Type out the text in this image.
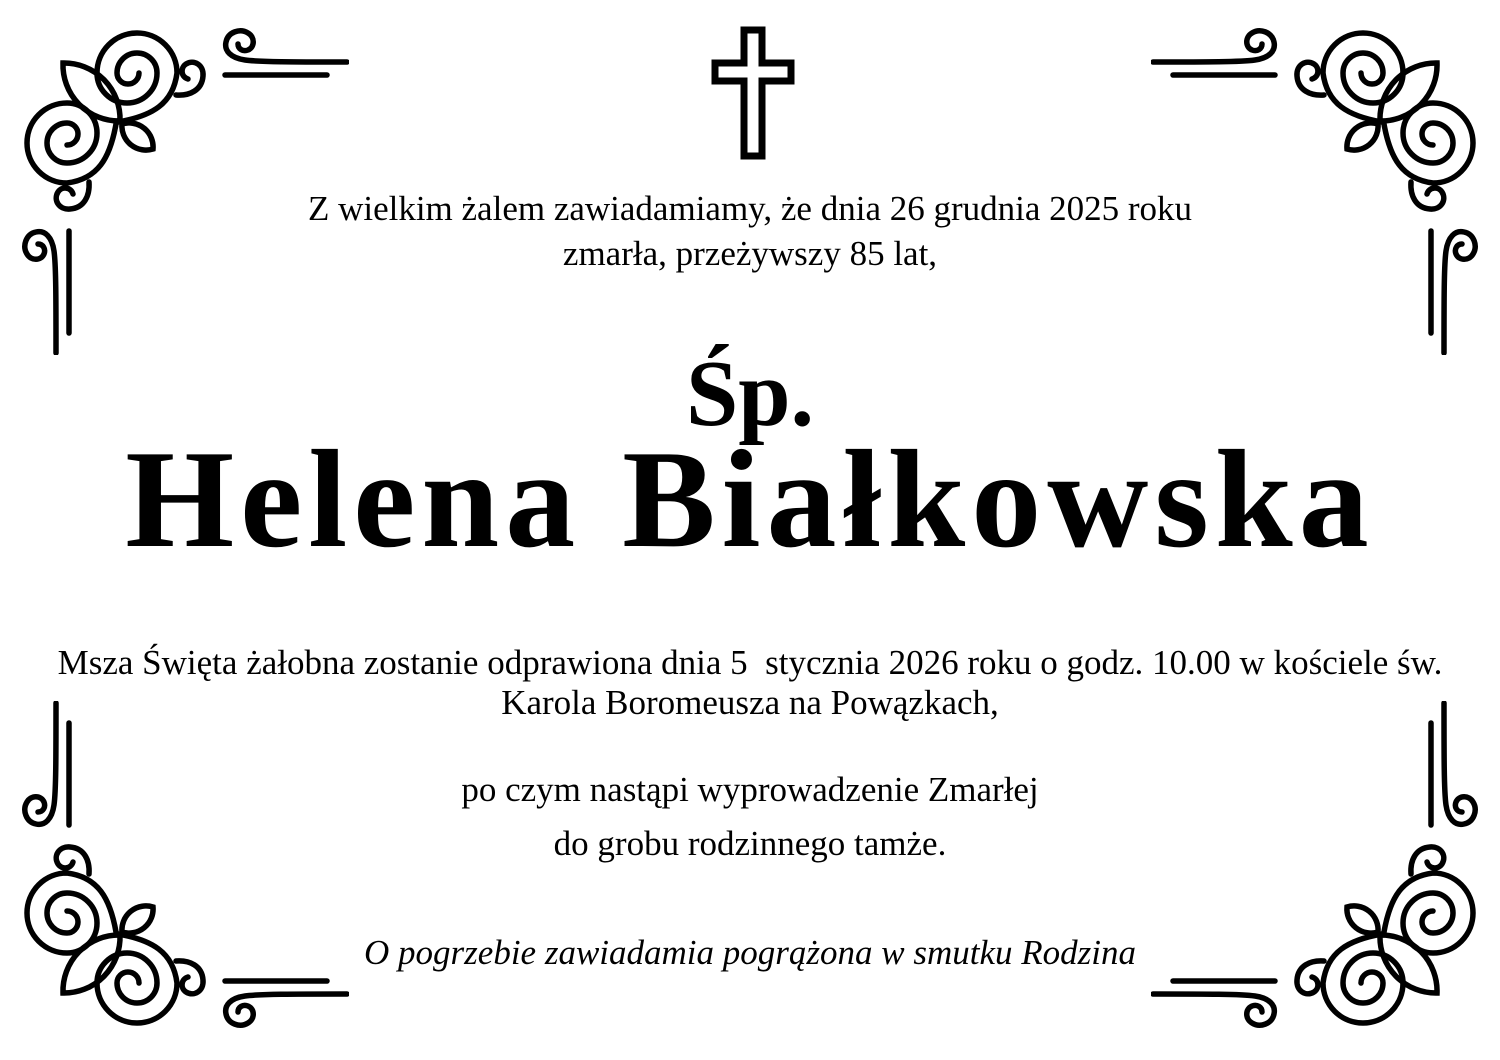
Z wielkim żalem zawiadamiamy, że dnia 26 grudnia 2025 roku
zmarła, przeżywszy 85 lat,
Śp.
Helena Białkowska
Msza Święta żałobna zostanie odprawiona dnia 5  stycznia 2026 roku o godz. 10.00 w kościele św.
Karola Boromeusza na Powązkach,
po czym nastąpi wyprowadzenie Zmarłej
do grobu rodzinnego tamże.
O pogrzebie zawiadamia pogrążona w smutku Rodzina
